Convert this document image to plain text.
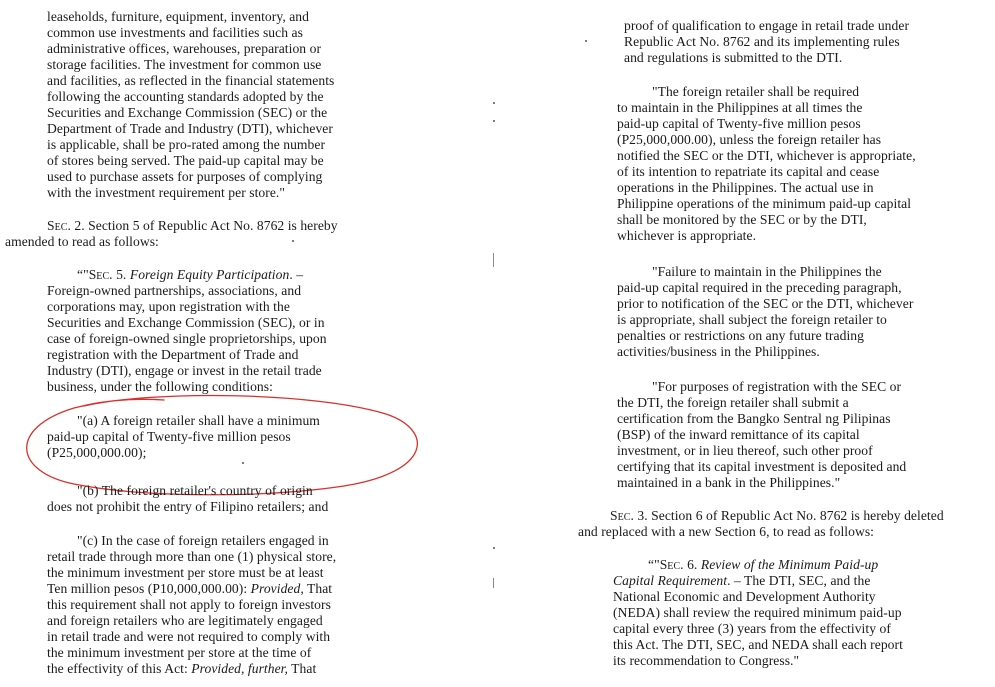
leaseholds, furniture, equipment, inventory, and
common use investments and facilities such as
administrative offices, warehouses, preparation or
storage facilities. The investment for common use
and facilities, as reflected in the financial statements
following the accounting standards adopted by the
Securities and Exchange Commission (SEC) or the
Department of Trade and Industry (DTI), whichever
is applicable, shall be pro-rated among the number
of stores being served. The paid-up capital may be
used to purchase assets for purposes of complying
with the investment requirement per store."
Sec. 2. Section 5 of Republic Act No. 8762 is hereby
amended to read as follows:
“"Sec. 5. Foreign Equity Participation. –
Foreign-owned partnerships, associations, and
corporations may, upon registration with the
Securities and Exchange Commission (SEC), or in
case of foreign-owned single proprietorships, upon
registration with the Department of Trade and
Industry (DTI), engage or invest in the retail trade
business, under the following conditions:
"(a) A foreign retailer shall have a minimum
paid-up capital of Twenty-five million pesos
(P25,000,000.00);
"(b) The foreign retailer's country of origin
does not prohibit the entry of Filipino retailers; and
"(c) In the case of foreign retailers engaged in
retail trade through more than one (1) physical store,
the minimum investment per store must be at least
Ten million pesos (P10,000,000.00): Provided, That
this requirement shall not apply to foreign investors
and foreign retailers who are legitimately engaged
in retail trade and were not required to comply with
the minimum investment per store at the time of
the effectivity of this Act: Provided, further, That
proof of qualification to engage in retail trade under
Republic Act No. 8762 and its implementing rules
and regulations is submitted to the DTI.
"The foreign retailer shall be required
to maintain in the Philippines at all times the
paid-up capital of Twenty-five million pesos
(P25,000,000.00), unless the foreign retailer has
notified the SEC or the DTI, whichever is appropriate,
of its intention to repatriate its capital and cease
operations in the Philippines. The actual use in
Philippine operations of the minimum paid-up capital
shall be monitored by the SEC or by the DTI,
whichever is appropriate.
"Failure to maintain in the Philippines the
paid-up capital required in the preceding paragraph,
prior to notification of the SEC or the DTI, whichever
is appropriate, shall subject the foreign retailer to
penalties or restrictions on any future trading
activities/business in the Philippines.
"For purposes of registration with the SEC or
the DTI, the foreign retailer shall submit a
certification from the Bangko Sentral ng Pilipinas
(BSP) of the inward remittance of its capital
investment, or in lieu thereof, such other proof
certifying that its capital investment is deposited and
maintained in a bank in the Philippines."
Sec. 3. Section 6 of Republic Act No. 8762 is hereby deleted
and replaced with a new Section 6, to read as follows:
“"Sec. 6. Review of the Minimum Paid-up
Capital Requirement. – The DTI, SEC, and the
National Economic and Development Authority
(NEDA) shall review the required minimum paid-up
capital every three (3) years from the effectivity of
this Act. The DTI, SEC, and NEDA shall each report
its recommendation to Congress."
